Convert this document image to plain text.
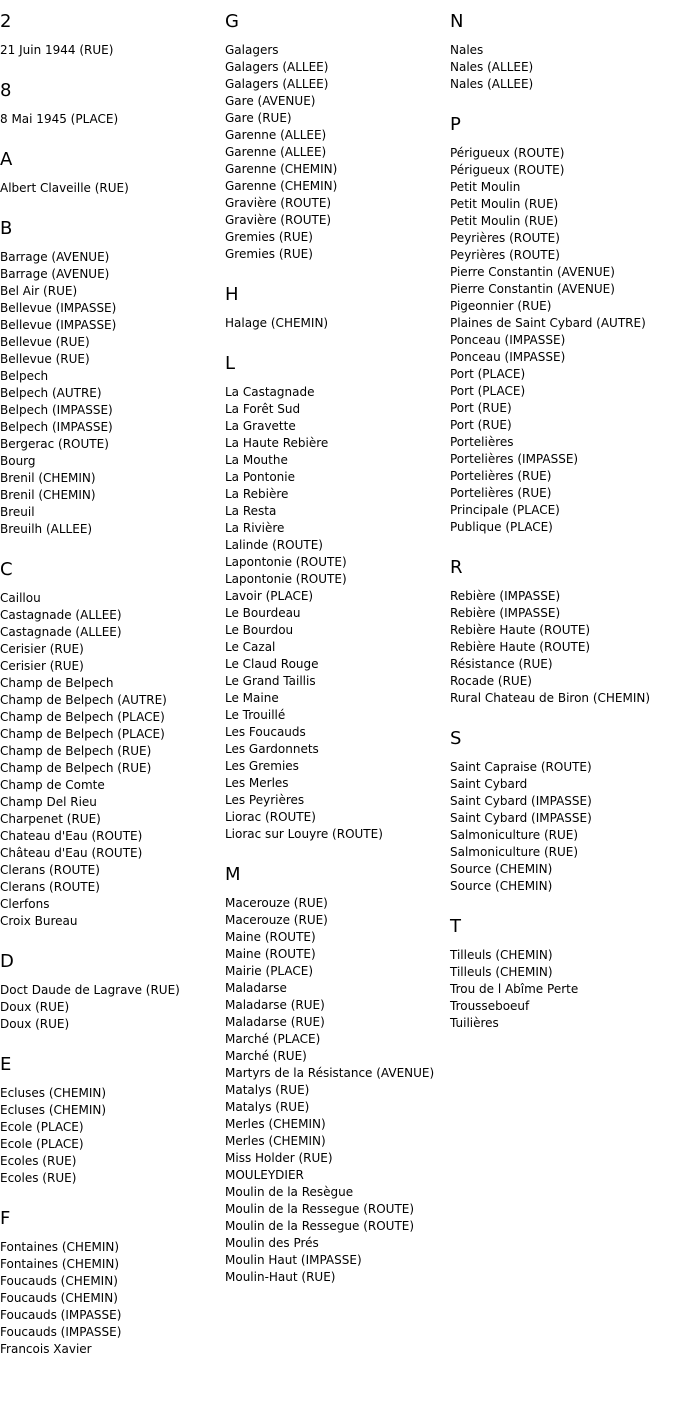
2
21 Juin 1944 (RUE)
8
8 Mai 1945 (PLACE)
A
Albert Claveille (RUE)
B
Barrage (AVENUE)
Barrage (AVENUE)
Bel Air (RUE)
Bellevue (IMPASSE)
Bellevue (IMPASSE)
Bellevue (RUE)
Bellevue (RUE)
Belpech
Belpech (AUTRE)
Belpech (IMPASSE)
Belpech (IMPASSE)
Bergerac (ROUTE)
Bourg
Brenil (CHEMIN)
Brenil (CHEMIN)
Breuil
Breuilh (ALLEE)
C
Caillou
Castagnade (ALLEE)
Castagnade (ALLEE)
Cerisier (RUE)
Cerisier (RUE)
Champ de Belpech
Champ de Belpech (AUTRE)
Champ de Belpech (PLACE)
Champ de Belpech (PLACE)
Champ de Belpech (RUE)
Champ de Belpech (RUE)
Champ de Comte
Champ Del Rieu
Charpenet (RUE)
Chateau d'Eau (ROUTE)
Château d'Eau (ROUTE)
Clerans (ROUTE)
Clerans (ROUTE)
Clerfons
Croix Bureau
D
Doct Daude de Lagrave (RUE)
Doux (RUE)
Doux (RUE)
E
Ecluses (CHEMIN)
Ecluses (CHEMIN)
Ecole (PLACE)
Ecole (PLACE)
Ecoles (RUE)
Ecoles (RUE)
F
Fontaines (CHEMIN)
Fontaines (CHEMIN)
Foucauds (CHEMIN)
Foucauds (CHEMIN)
Foucauds (IMPASSE)
Foucauds (IMPASSE)
Francois Xavier
G
Galagers
Galagers (ALLEE)
Galagers (ALLEE)
Gare (AVENUE)
Gare (RUE)
Garenne (ALLEE)
Garenne (ALLEE)
Garenne (CHEMIN)
Garenne (CHEMIN)
Gravière (ROUTE)
Gravière (ROUTE)
Gremies (RUE)
Gremies (RUE)
H
Halage (CHEMIN)
L
La Castagnade
La Forêt Sud
La Gravette
La Haute Rebière
La Mouthe
La Pontonie
La Rebière
La Resta
La Rivière
Lalinde (ROUTE)
Lapontonie (ROUTE)
Lapontonie (ROUTE)
Lavoir (PLACE)
Le Bourdeau
Le Bourdou
Le Cazal
Le Claud Rouge
Le Grand Taillis
Le Maine
Le Trouillé
Les Foucauds
Les Gardonnets
Les Gremies
Les Merles
Les Peyrières
Liorac (ROUTE)
Liorac sur Louyre (ROUTE)
M
Macerouze (RUE)
Macerouze (RUE)
Maine (ROUTE)
Maine (ROUTE)
Mairie (PLACE)
Maladarse
Maladarse (RUE)
Maladarse (RUE)
Marché (PLACE)
Marché (RUE)
Martyrs de la Résistance (AVENUE)
Matalys (RUE)
Matalys (RUE)
Merles (CHEMIN)
Merles (CHEMIN)
Miss Holder (RUE)
MOULEYDIER
Moulin de la Resègue
Moulin de la Ressegue (ROUTE)
Moulin de la Ressegue (ROUTE)
Moulin des Prés
Moulin Haut (IMPASSE)
Moulin-Haut (RUE)
N
Nales
Nales (ALLEE)
Nales (ALLEE)
P
Périgueux (ROUTE)
Périgueux (ROUTE)
Petit Moulin
Petit Moulin (RUE)
Petit Moulin (RUE)
Peyrières (ROUTE)
Peyrières (ROUTE)
Pierre Constantin (AVENUE)
Pierre Constantin (AVENUE)
Pigeonnier (RUE)
Plaines de Saint Cybard (AUTRE)
Ponceau (IMPASSE)
Ponceau (IMPASSE)
Port (PLACE)
Port (PLACE)
Port (RUE)
Port (RUE)
Portelières
Portelières (IMPASSE)
Portelières (RUE)
Portelières (RUE)
Principale (PLACE)
Publique (PLACE)
R
Rebière (IMPASSE)
Rebière (IMPASSE)
Rebière Haute (ROUTE)
Rebière Haute (ROUTE)
Résistance (RUE)
Rocade (RUE)
Rural Chateau de Biron (CHEMIN)
S
Saint Capraise (ROUTE)
Saint Cybard
Saint Cybard (IMPASSE)
Saint Cybard (IMPASSE)
Salmoniculture (RUE)
Salmoniculture (RUE)
Source (CHEMIN)
Source (CHEMIN)
T
Tilleuls (CHEMIN)
Tilleuls (CHEMIN)
Trou de l Abîme Perte
Trousseboeuf
Tuilières
